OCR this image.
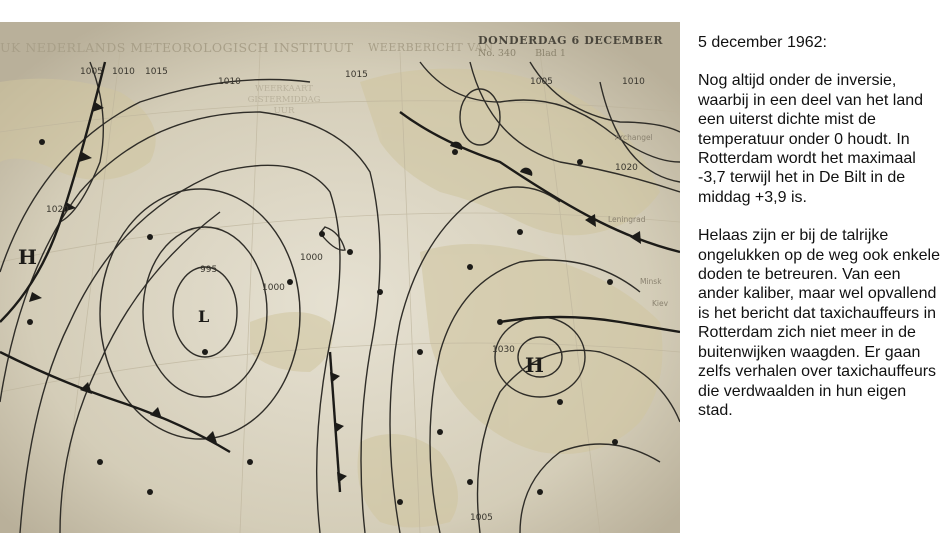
1005 1010 1015
1010
1015
1020
1000
995
1000
1030
1020
1005
1005
1010
Archangel
Leningrad
Minsk
Kiev
H
L
H
UK NEDERLANDS METEOROLOGISCH INSTITUUT WEERBERICHT VAN
DONDERDAG 6 DECEMBER
No. 340 Blad 1
WEERKAART
GISTERMIDDAG
UUR

5 december 1962:

Nog altijd onder de inversie, waarbij in een deel van het land een uiterst dichte mist de temperatuur onder 0 houdt. In Rotterdam wordt het maximaal -3,7 terwijl het in De Bilt in de middag +3,9 is.

Helaas zijn er bij de talrijke ongelukken op de weg ook enkele doden te betreuren. Van een ander kaliber, maar wel opvallend is het bericht dat taxichauffeurs in Rotterdam zich niet meer in de buitenwijken waagden. Er gaan zelfs verhalen over taxichauffeurs die verdwaalden in hun eigen stad.
